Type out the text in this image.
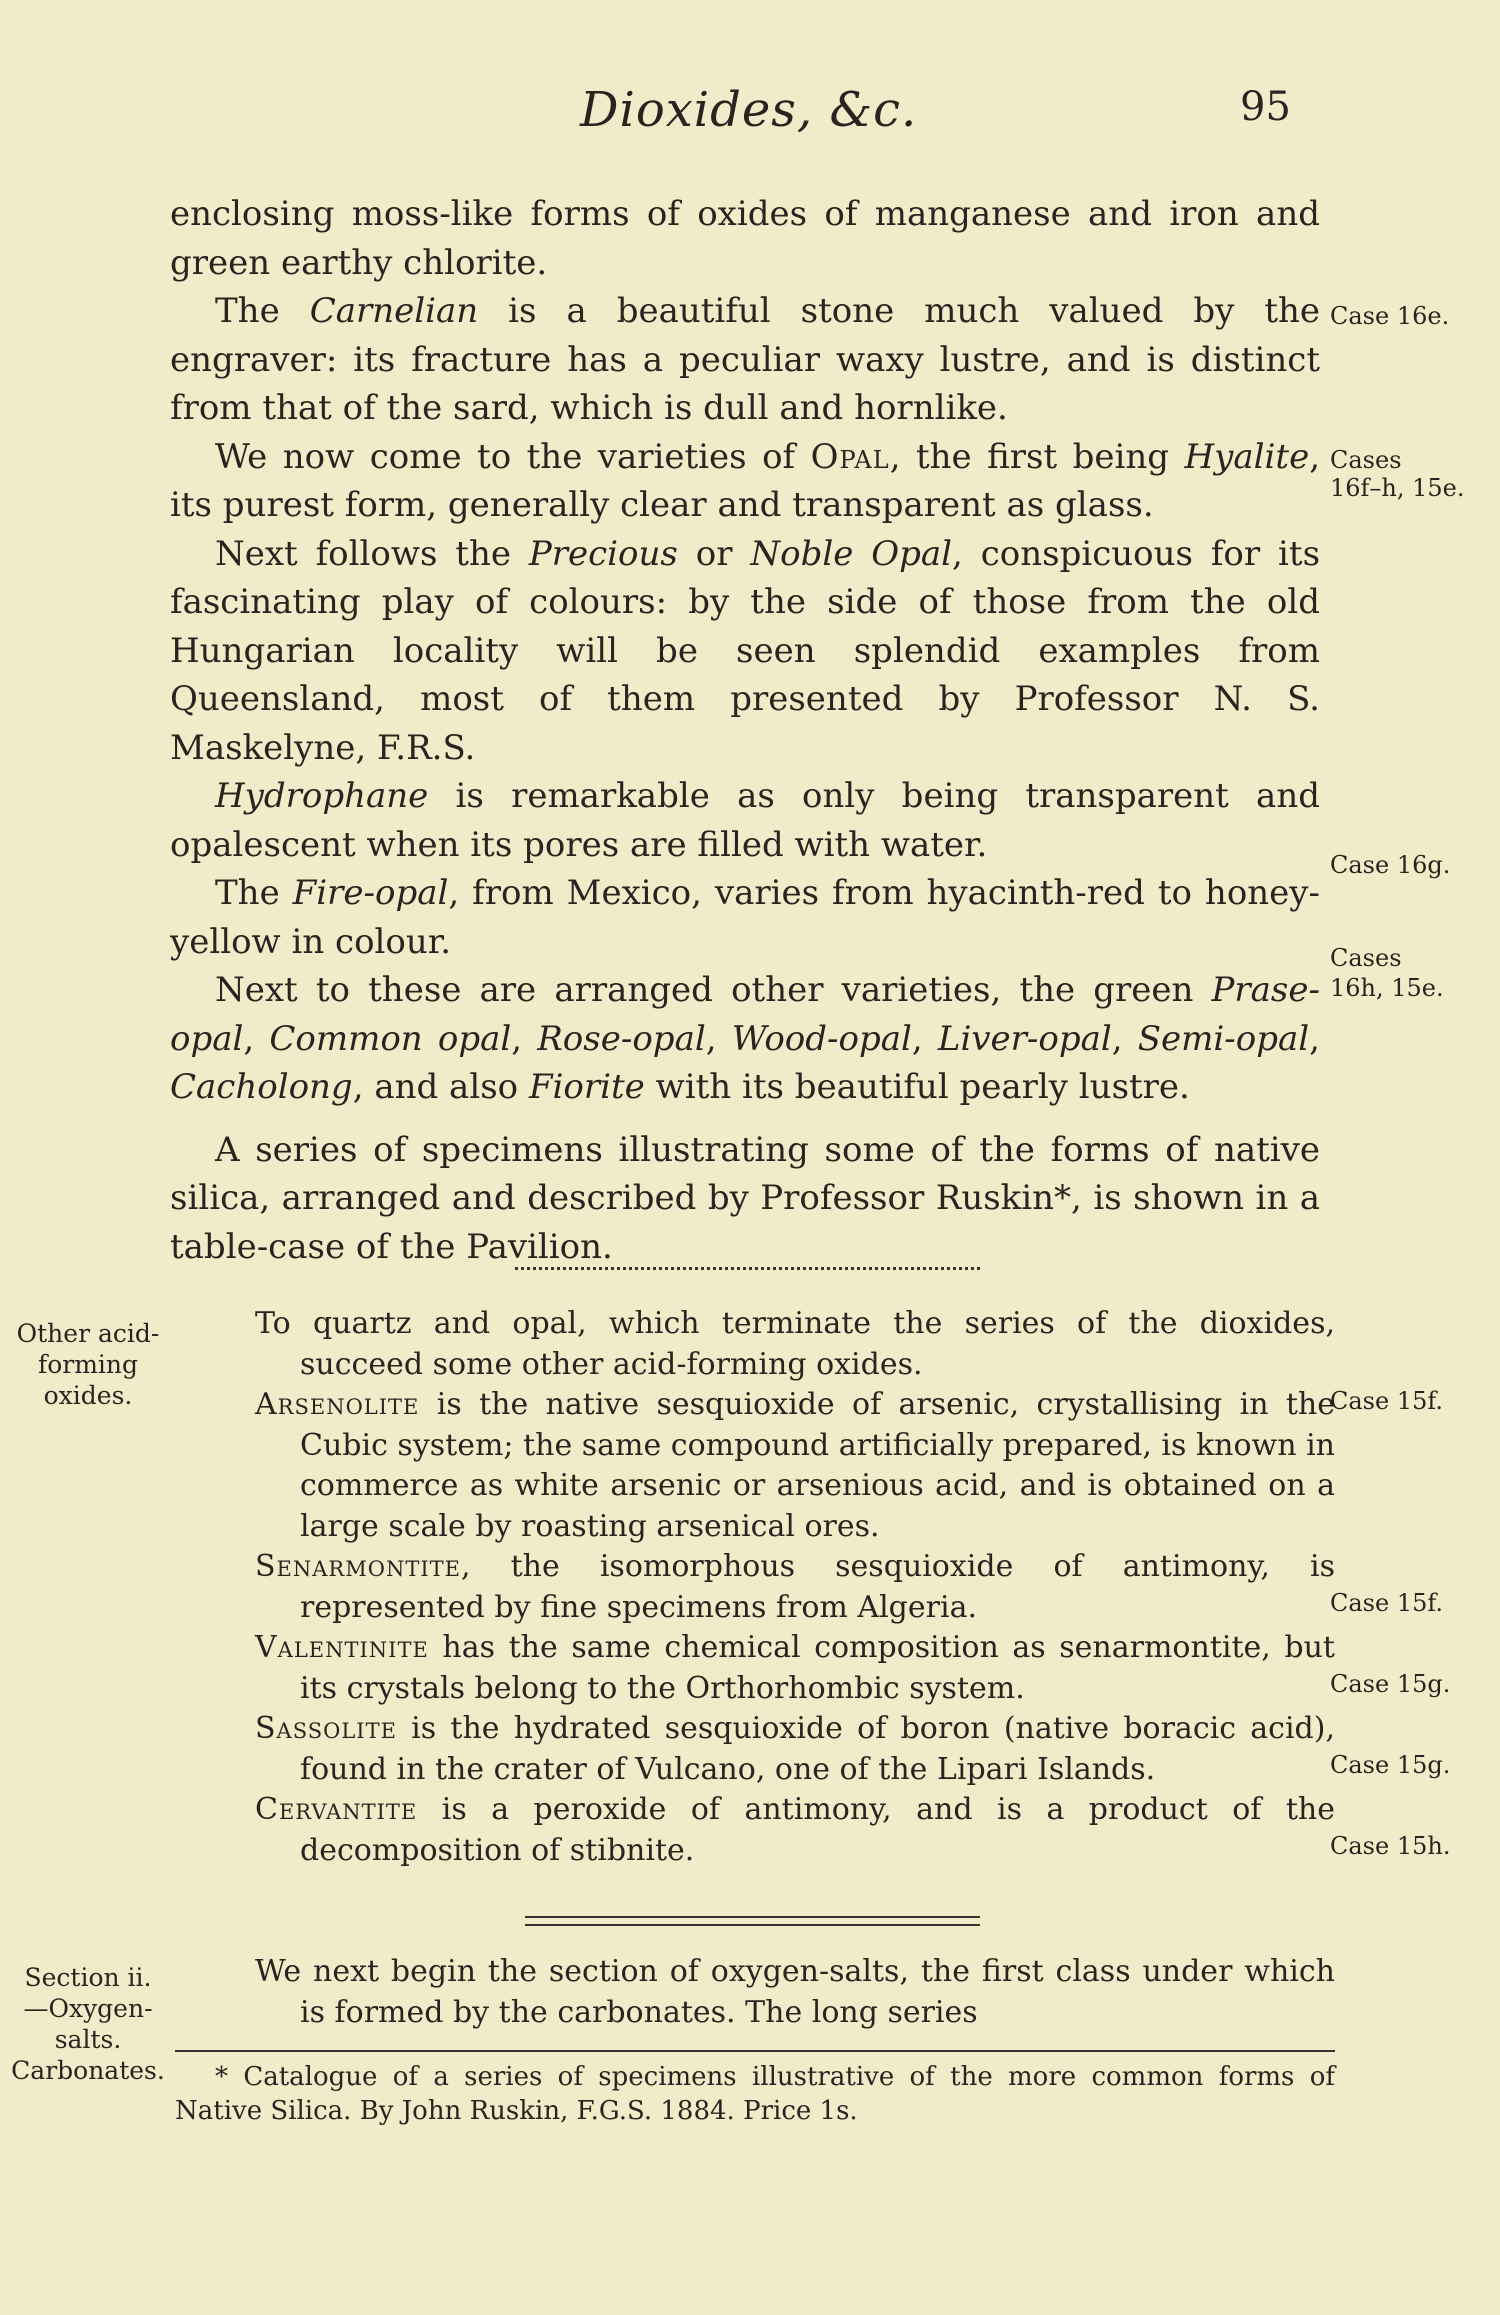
Dioxides, &c.	95

enclosing moss-like forms of oxides of manganese and iron and green earthy chlorite.

The Carnelian is a beautiful stone much valued by the engraver: its fracture has a peculiar waxy lustre, and is distinct from that of the sard, which is dull and hornlike.

We now come to the varieties of Opal, the first being Hyalite, its purest form, generally clear and transparent as glass.

Next follows the Precious or Noble Opal, conspicuous for its fascinating play of colours: by the side of those from the old Hungarian locality will be seen splendid examples from Queensland, most of them presented by Professor N. S. Maskelyne, F.R.S.

Hydrophane is remarkable as only being transparent and opalescent when its pores are filled with water.

The Fire-opal, from Mexico, varies from hyacinth-red to honey-yellow in colour.

Next to these are arranged other varieties, the green Prase-opal, Common opal, Rose-opal, Wood-opal, Liver-opal, Semi-opal, Cacholong, and also Fiorite with its beautiful pearly lustre.

A series of specimens illustrating some of the forms of native silica, arranged and described by Professor Ruskin*, is shown in a table-case of the Pavilion.

Case 16e.
Cases
16f–h, 15e.
Case 16g.
Cases
16h, 15e.
Other acid-
forming
oxides.

To quartz and opal, which terminate the series of the dioxides, succeed some other acid-forming oxides.

Arsenolite is the native sesquioxide of arsenic, crystallising in the Cubic system; the same compound artificially prepared, is known in commerce as white arsenic or arsenious acid, and is obtained on a large scale by roasting arsenical ores.

Senarmontite, the isomorphous sesquioxide of antimony, is represented by fine specimens from Algeria.

Valentinite has the same chemical composition as senarmontite, but its crystals belong to the Orthorhombic system.

Sassolite is the hydrated sesquioxide of boron (native boracic acid), found in the crater of Vulcano, one of the Lipari Islands.

Cervantite is a peroxide of antimony, and is a product of the decomposition of stibnite.

Case 15f.
Case 15f.
Case 15g.
Case 15g.
Case 15h.
Section ii.
—Oxygen-
salts.
Carbonates.

We next begin the section of oxygen-salts, the first class under which is formed by the carbonates. The long series

* Catalogue of a series of specimens illustrative of the more common forms of Native Silica. By John Ruskin, F.G.S. 1884. Price 1s.
